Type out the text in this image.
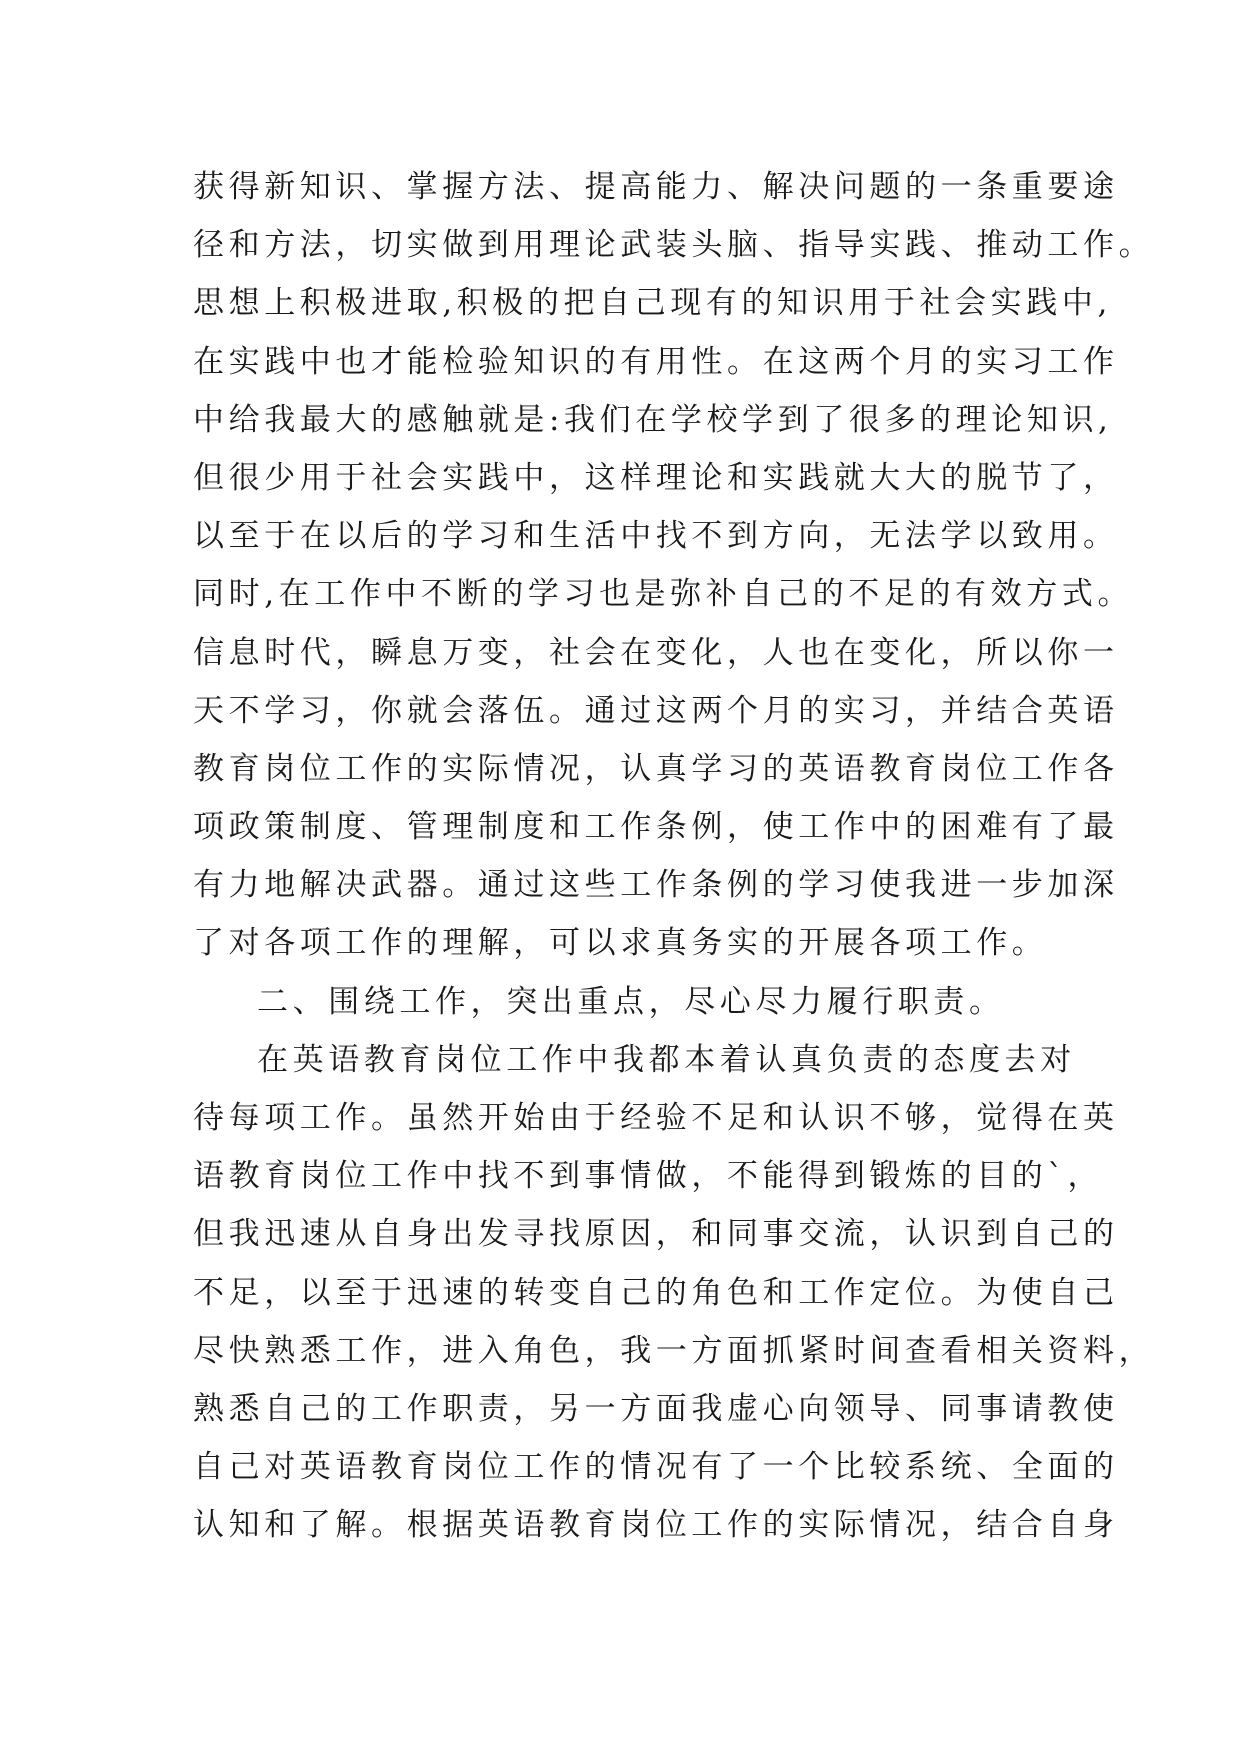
获得新知识、掌握方法、提高能力、解决问题的一条重要途
径和方法，切实做到用理论武装头脑、指导实践、推动工作。
思想上积极进取,积极的把自己现有的知识用于社会实践中,
在实践中也才能检验知识的有用性。在这两个月的实习工作
中给我最大的感触就是:我们在学校学到了很多的理论知识,
但很少用于社会实践中，这样理论和实践就大大的脱节了，
以至于在以后的学习和生活中找不到方向，无法学以致用。
同时,在工作中不断的学习也是弥补自己的不足的有效方式。
信息时代，瞬息万变，社会在变化，人也在变化，所以你一
天不学习，你就会落伍。通过这两个月的实习，并结合英语
教育岗位工作的实际情况，认真学习的英语教育岗位工作各
项政策制度、管理制度和工作条例，使工作中的困难有了最
有力地解决武器。通过这些工作条例的学习使我进一步加深
了对各项工作的理解，可以求真务实的开展各项工作。
二、围绕工作，突出重点，尽心尽力履行职责。
在英语教育岗位工作中我都本着认真负责的态度去对
待每项工作。虽然开始由于经验不足和认识不够，觉得在英
语教育岗位工作中找不到事情做，不能得到锻炼的目的`，
但我迅速从自身出发寻找原因，和同事交流，认识到自己的
不足，以至于迅速的转变自己的角色和工作定位。为使自己
尽快熟悉工作，进入角色，我一方面抓紧时间查看相关资料，
熟悉自己的工作职责，另一方面我虚心向领导、同事请教使
自己对英语教育岗位工作的情况有了一个比较系统、全面的
认知和了解。根据英语教育岗位工作的实际情况，结合自身
